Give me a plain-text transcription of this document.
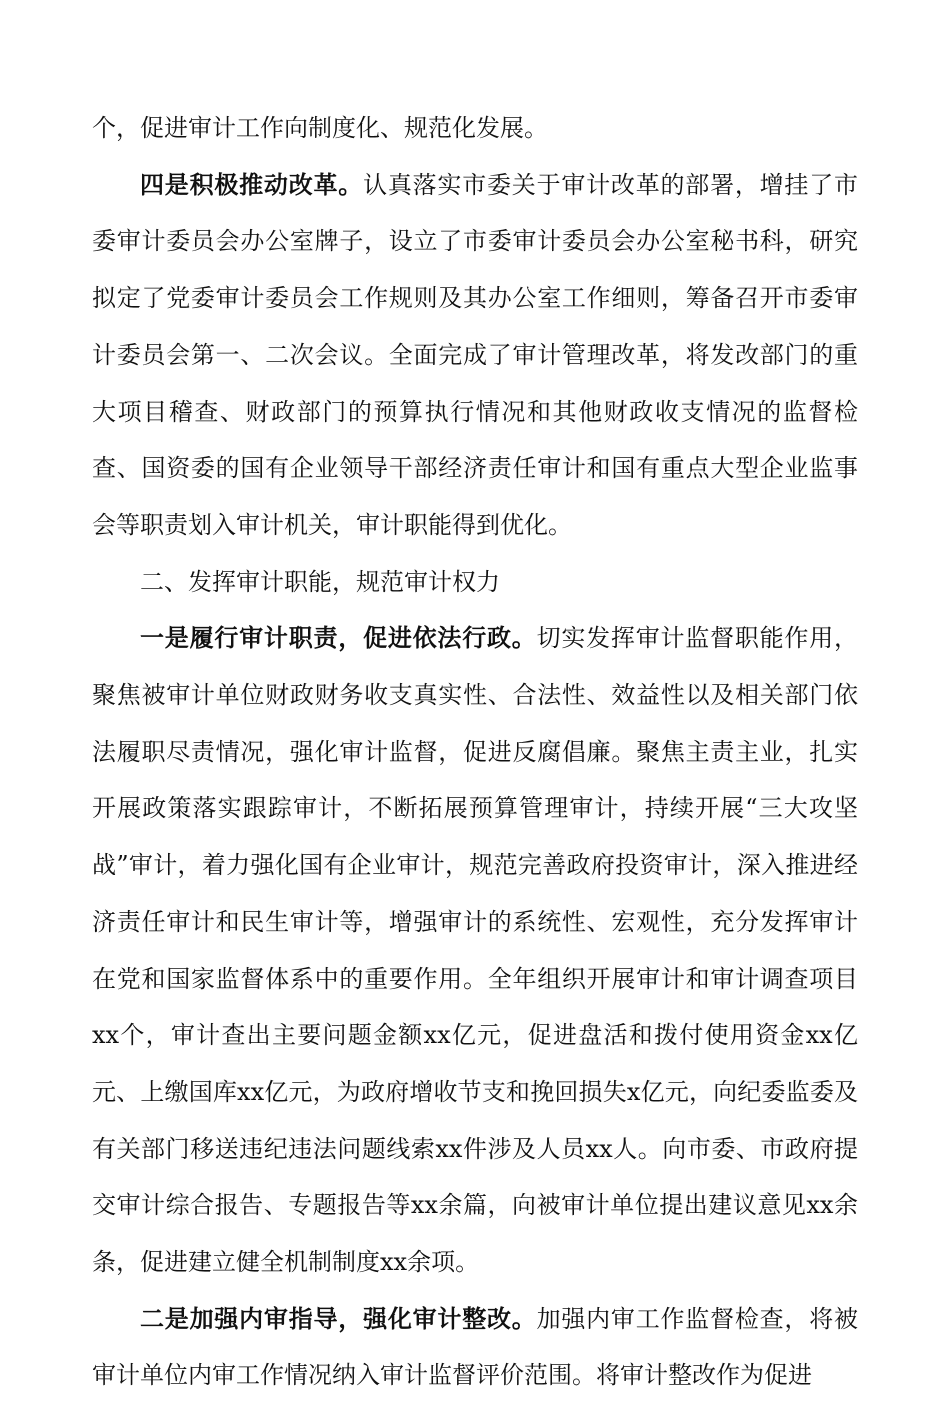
个，促进审计工作向制度化、规范化发展。

四是积极推动改革。认真落实市委关于审计改革的部署，增挂了市委审计委员会办公室牌子，设立了市委审计委员会办公室秘书科，研究拟定了党委审计委员会工作规则及其办公室工作细则，筹备召开市委审计委员会第一、二次会议。全面完成了审计管理改革，将发改部门的重大项目稽查、财政部门的预算执行情况和其他财政收支情况的监督检查、国资委的国有企业领导干部经济责任审计和国有重点大型企业监事会等职责划入审计机关，审计职能得到优化。

二、发挥审计职能，规范审计权力

一是履行审计职责，促进依法行政。切实发挥审计监督职能作用，聚焦被审计单位财政财务收支真实性、合法性、效益性以及相关部门依法履职尽责情况，强化审计监督，促进反腐倡廉。聚焦主责主业，扎实开展政策落实跟踪审计，不断拓展预算管理审计，持续开展“三大攻坚战”审计，着力强化国有企业审计，规范完善政府投资审计，深入推进经济责任审计和民生审计等，增强审计的系统性、宏观性，充分发挥审计在党和国家监督体系中的重要作用。全年组织开展审计和审计调查项目xx个，审计查出主要问题金额xx亿元，促进盘活和拨付使用资金xx亿元、上缴国库xx亿元，为政府增收节支和挽回损失x亿元，向纪委监委及有关部门移送违纪违法问题线索xx件涉及人员xx人。向市委、市政府提交审计综合报告、专题报告等xx余篇，向被审计单位提出建议意见xx余条，促进建立健全机制制度xx余项。

二是加强内审指导，强化审计整改。加强内审工作监督检查，将被审计单位内审工作情况纳入审计监督评价范围。将审计整改作为促进
